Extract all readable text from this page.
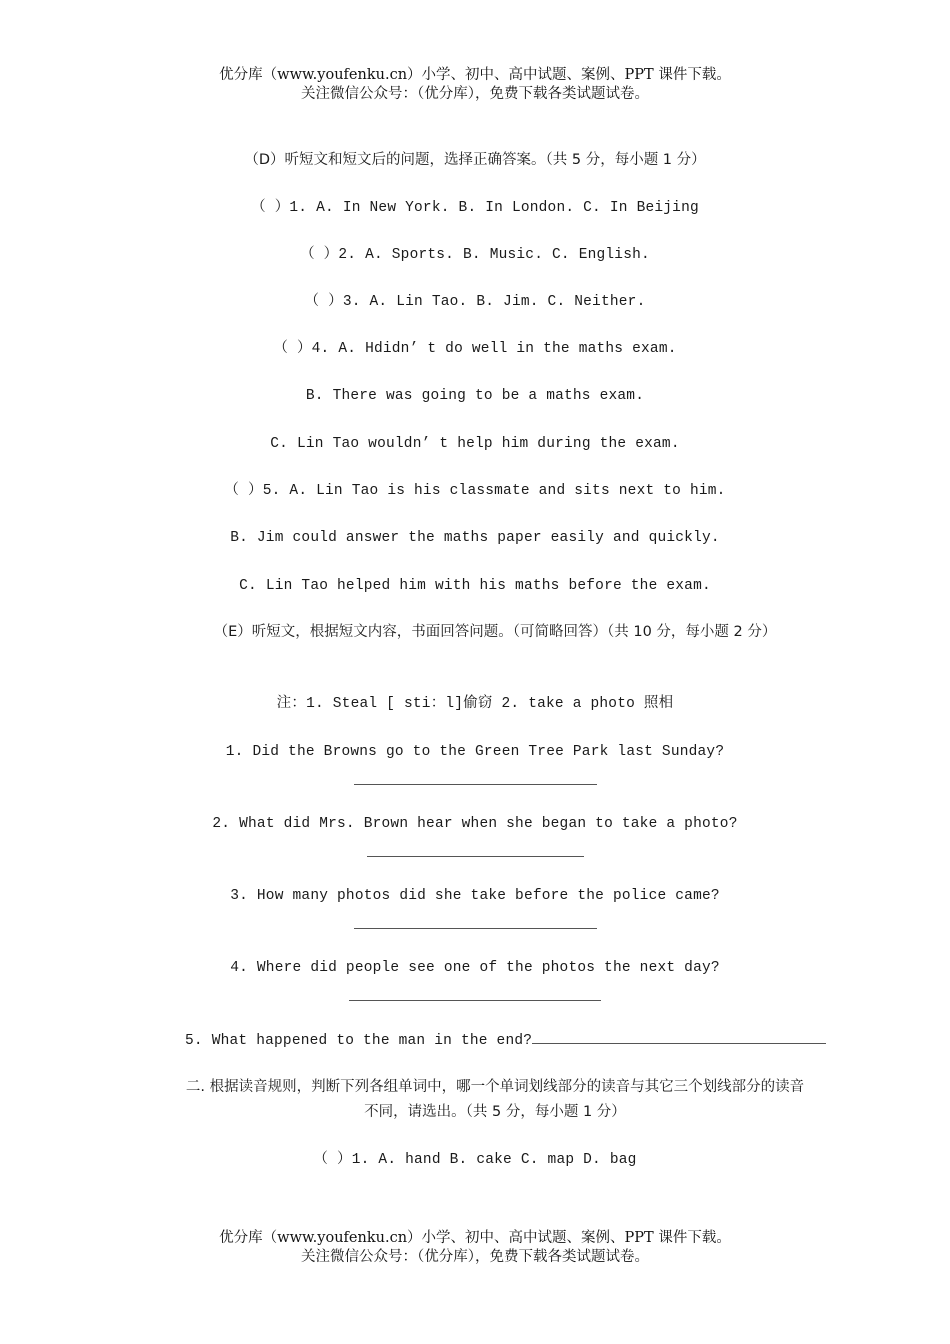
优分库（www.youfenku.cn）小学、初中、高中试题、案例、PPT 课件下载。
关注微信公众号：（优分库），免费下载各类试题试卷。
（D）听短文和短文后的问题，选择正确答案。（共 5 分，每小题 1 分）
（ ）1. A. In New York. B. In London. C. In Beijing
（ ）2. A. Sports. B. Music. C. English.
（ ）3. A. Lin Tao. B. Jim. C. Neither.
（ ）4. A. Hdidn’ t do well in the maths exam.
B. There was going to be a maths exam.
C. Lin Tao wouldn’ t help him during the exam.
（ ）5. A. Lin Tao is his classmate and sits next to him.
B. Jim could answer the maths paper easily and quickly.
C. Lin Tao helped him with his maths before the exam.
（E）听短文，根据短文内容，书面回答问题。（可简略回答）（共 10 分，每小题 2 分）
注：1. Steal [ sti：l]偷窃 2. take a photo 照相
1. Did the Browns go to the Green Tree Park last Sunday?
2. What did Mrs. Brown hear when she began to take a photo?
3. How many photos did she take before the police came?
4. Where did people see one of the photos the next day?
5. What happened to the man in the end?
二. 根据读音规则，判断下列各组单词中，哪一个单词划线部分的读音与其它三个划线部分的读音不同，请选出。（共 5 分，每小题 1 分）
（ ）1. A. hand B. cake C. map D. bag
优分库（www.youfenku.cn）小学、初中、高中试题、案例、PPT 课件下载。
关注微信公众号：（优分库），免费下载各类试题试卷。
